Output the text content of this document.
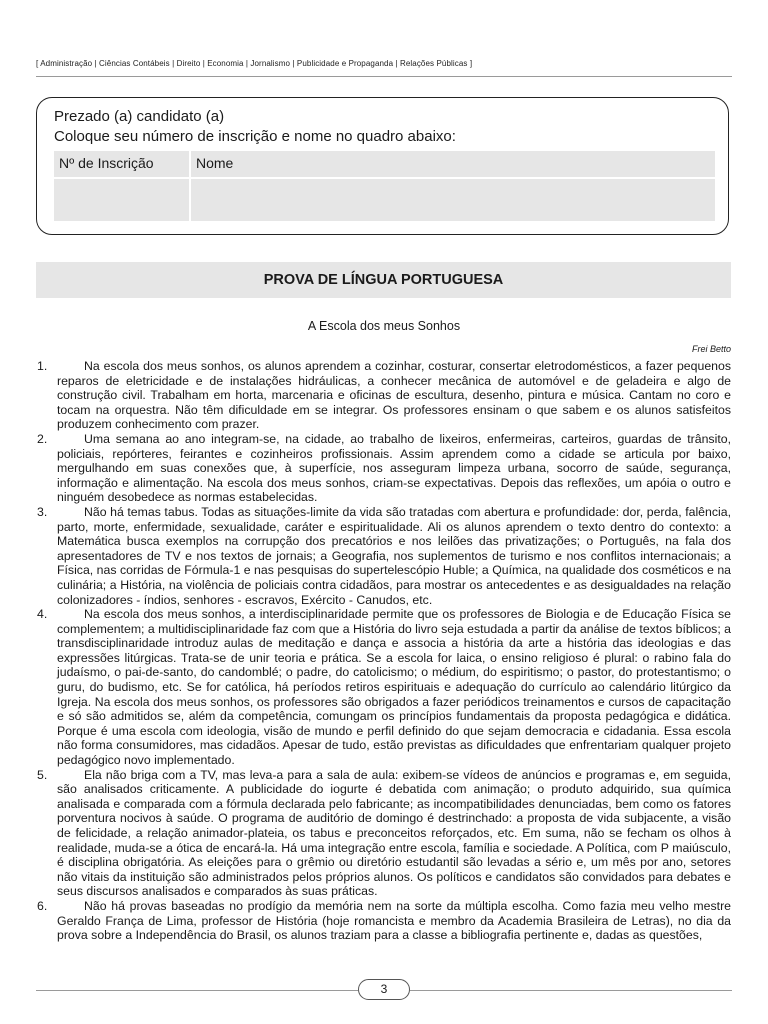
[ Administração | Ciências Contábeis | Direito | Economia | Jornalismo | Publicidade e Propaganda | Relações Públicas ]
Prezado (a) candidato (a)
Coloque seu número de inscrição e nome no quadro abaixo:
Nº de Inscrição	Nome
PROVA DE LÍNGUA PORTUGUESA
A Escola dos meus Sonhos
Frei Betto

1.	Na escola dos meus sonhos, os alunos aprendem a cozinhar, costurar, consertar eletrodomésticos, a fazer pequenos reparos de eletricidade e de instalações hidráulicas, a conhecer mecânica de automóvel e de geladeira e algo de construção civil. Trabalham em horta, marcenaria e oficinas de escultura, desenho, pintura e música. Cantam no coro e tocam na orquestra. Não têm dificuldade em se integrar. Os professores ensinam o que sabem e os alunos satisfeitos produzem conhecimento com prazer.

2.	Uma semana ao ano integram-se, na cidade, ao trabalho de lixeiros, enfermeiras, carteiros, guardas de trânsito, policiais, repórteres, feirantes e cozinheiros profissionais. Assim aprendem como a cidade se articula por baixo, mergulhando em suas conexões que, à superfície, nos asseguram limpeza urbana, socorro de saúde, segurança, informação e alimentação. Na escola dos meus sonhos, criam-se expectativas. Depois das reflexões, um apóia o outro e ninguém desobedece as normas estabelecidas.

3.	Não há temas tabus. Todas as situações-limite da vida são tratadas com abertura e profundidade: dor, perda, falência, parto, morte, enfermidade, sexualidade, caráter e espiritualidade. Ali os alunos aprendem o texto dentro do contexto: a Matemática busca exemplos na corrupção dos precatórios e nos leilões das privatizações; o Português, na fala dos apresentadores de TV e nos textos de jornais; a Geografia, nos suplementos de turismo e nos conflitos internacionais; a Física, nas corridas de Fórmula-1 e nas pesquisas do supertelescópio Huble; a Química, na qualidade dos cosméticos e na culinária; a História, na violência de policiais contra cidadãos, para mostrar os antecedentes e as desigualdades na relação colonizadores - índios, senhores - escravos, Exército - Canudos, etc.

4.	Na escola dos meus sonhos, a interdisciplinaridade permite que os professores de Biologia e de Educação Física se complementem; a multidisciplinaridade faz com que a História do livro seja estudada a partir da análise de textos bíblicos; a transdisciplinaridade introduz aulas de meditação e dança e associa a história da arte a história das ideologias e das expressões litúrgicas. Trata-se de unir teoria e prática. Se a escola for laica, o ensino religioso é plural: o rabino fala do judaísmo, o pai-de-santo, do candomblé; o padre, do catolicismo; o médium, do espiritismo; o pastor, do protestantismo; o guru, do budismo, etc. Se for católica, há períodos retiros espirituais e adequação do currículo ao calendário litúrgico da Igreja. Na escola dos meus sonhos, os professores são obrigados a fazer periódicos treinamentos e cursos de capacitação e só são admitidos se, além da competência, comungam os princípios fundamentais da proposta pedagógica e didática. Porque é uma escola com ideologia, visão de mundo e perfil definido do que sejam democracia e cidadania. Essa escola não forma consumidores, mas cidadãos. Apesar de tudo, estão previstas as dificuldades que enfrentariam qualquer projeto pedagógico novo implementado.

5.	Ela não briga com a TV, mas leva-a para a sala de aula: exibem-se vídeos de anúncios e programas e, em seguida, são analisados criticamente. A publicidade do iogurte é debatida com animação; o produto adquirido, sua química analisada e comparada com a fórmula declarada pelo fabricante; as incompatibilidades denunciadas, bem como os fatores porventura nocivos à saúde. O programa de auditório de domingo é destrinchado: a proposta de vida subjacente, a visão de felicidade, a relação animador-plateia, os tabus e preconceitos reforçados, etc. Em suma, não se fecham os olhos à realidade, muda-se a ótica de encará-la. Há uma integração entre escola, família e sociedade. A Política, com P maiúsculo, é disciplina obrigatória. As eleições para o grêmio ou diretório estudantil são levadas a sério e, um mês por ano, setores não vitais da instituição são administrados pelos próprios alunos. Os políticos e candidatos são convidados para debates e seus discursos analisados e comparados às suas práticas.

6.	Não há provas baseadas no prodígio da memória nem na sorte da múltipla escolha. Como fazia meu velho mestre Geraldo França de Lima, professor de História (hoje romancista e membro da Academia Brasileira de Letras), no dia da prova sobre a Independência do Brasil, os alunos traziam para a classe a bibliografia pertinente e, dadas as questões,

3
